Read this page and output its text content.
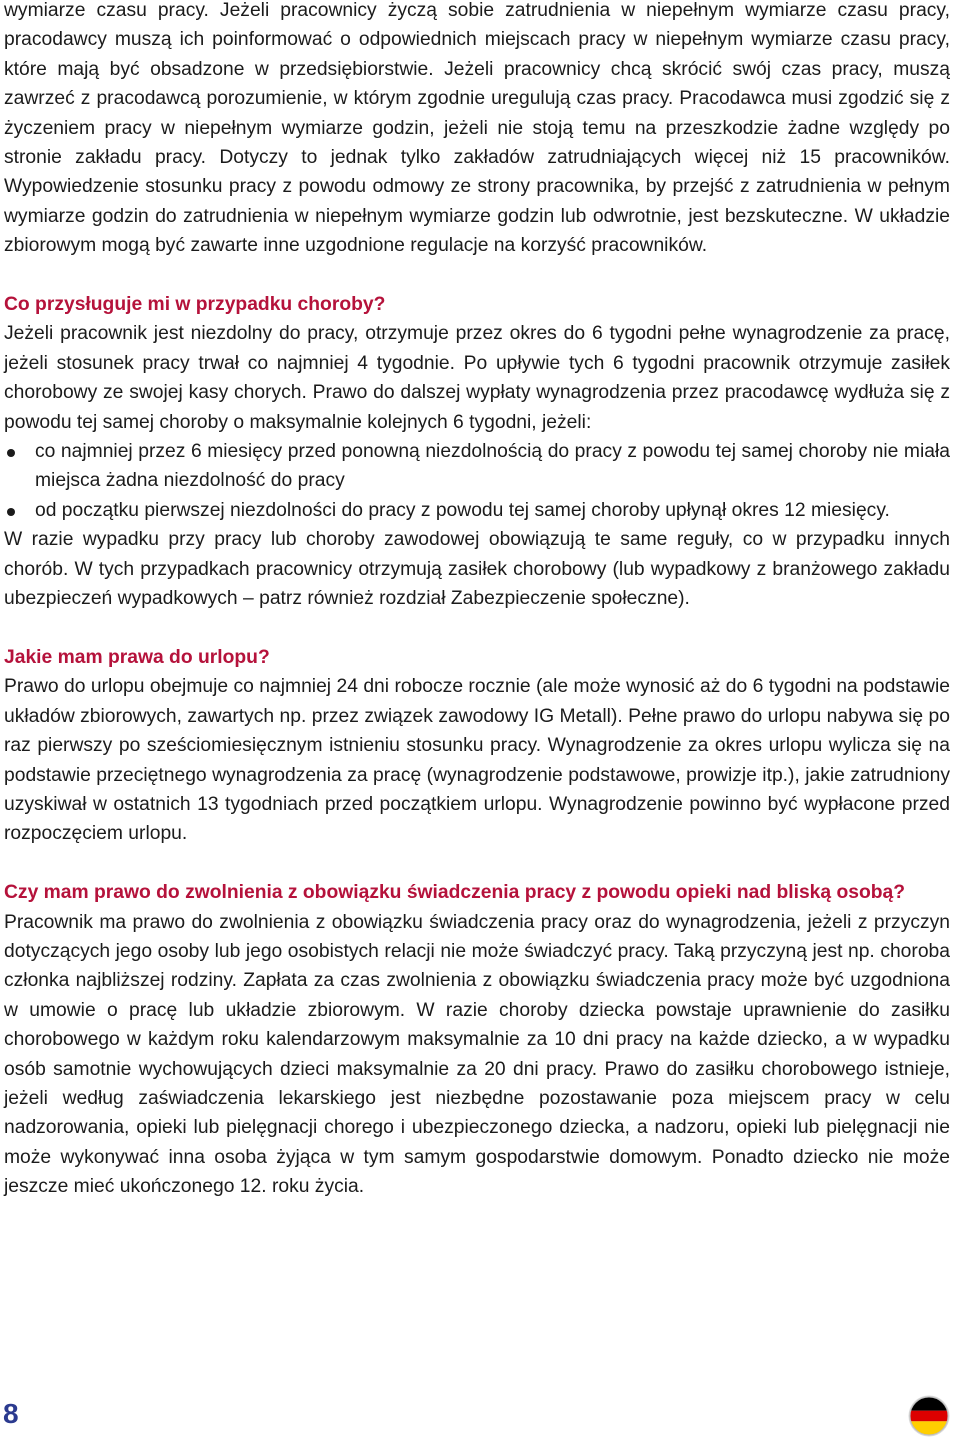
wymiarze czasu pracy. Jeżeli pracownicy życzą sobie zatrudnienia w niepełnym wymiarze czasu pracy, pracodawcy muszą ich poinformować o odpowiednich miejscach pracy w niepełnym wymiarze czasu pracy, które mają być obsadzone w przedsiębiorstwie. Jeżeli pracownicy chcą skrócić swój czas pracy, muszą zawrzeć z pracodawcą porozumienie, w którym zgodnie uregulują czas pracy. Pracodawca musi zgodzić się z życzeniem pracy w niepełnym wymiarze godzin, jeżeli nie stoją temu na przeszkodzie żadne względy po stronie zakładu pracy. Dotyczy to jednak tylko zakładów zatrudniających więcej niż 15 pracowników. Wypowiedzenie stosunku pracy z powodu odmowy ze strony pracownika, by przejść z zatrudnienia w pełnym wymiarze godzin do zatrudnienia w niepełnym wymiarze godzin lub odwrotnie, jest bezskuteczne. W układzie zbiorowym mogą być zawarte inne uzgodnione regulacje na korzyść pracowników.

Co przysługuje mi w przypadku choroby?

Jeżeli pracownik jest niezdolny do pracy, otrzymuje przez okres do 6 tygodni pełne wynagrodzenie za pracę, jeżeli stosunek pracy trwał co najmniej 4 tygodnie. Po upływie tych 6 tygodni pracownik otrzymuje zasiłek chorobowy ze swojej kasy chorych. Prawo do dalszej wypłaty wynagrodzenia przez pracodawcę wydłuża się z powodu tej samej choroby o maksymalnie kolejnych 6 tygodni, jeżeli:

co najmniej przez 6 miesięcy przed ponowną niezdolnością do pracy z powodu tej samej choroby nie miała miejsca żadna niezdolność do pracy
od początku pierwszej niezdolności do pracy z powodu tej samej choroby upłynął okres 12 miesięcy.

W razie wypadku przy pracy lub choroby zawodowej obowiązują te same reguły, co w przypadku innych chorób. W tych przypadkach pracownicy otrzymują zasiłek chorobowy (lub wypadkowy z branżowego zakładu ubezpieczeń wypadkowych – patrz również rozdział Zabezpieczenie społeczne).

Jakie mam prawa do urlopu?

Prawo do urlopu obejmuje co najmniej 24 dni robocze rocznie (ale może wynosić aż do 6 tygodni na podstawie układów zbiorowych, zawartych np. przez związek zawodowy IG Metall). Pełne prawo do urlopu nabywa się po raz pierwszy po sześciomiesięcznym istnieniu stosunku pracy. Wynagrodzenie za okres urlopu wylicza się na podstawie przeciętnego wynagrodzenia za pracę (wynagrodzenie podstawowe, prowizje itp.), jakie zatrudniony uzyskiwał w ostatnich 13 tygodniach przed początkiem urlopu. Wynagrodzenie powinno być wypłacone przed rozpoczęciem urlopu.

Czy mam prawo do zwolnienia z obowiązku świadczenia pracy z powodu opieki nad bliską osobą?

Pracownik ma prawo do zwolnienia z obowiązku świadczenia pracy oraz do wynagrodzenia, jeżeli z przyczyn dotyczących jego osoby lub jego osobistych relacji nie może świadczyć pracy. Taką przyczyną jest np. choroba członka najbliższej rodziny. Zapłata za czas zwolnienia z obowiązku świadczenia pracy może być uzgodniona w umowie o pracę lub układzie zbiorowym. W razie choroby dziecka powstaje uprawnienie do zasiłku chorobowego w każdym roku kalendarzowym maksymalnie za 10 dni pracy na każde dziecko, a w wypadku osób samotnie wychowujących dzieci maksymalnie za 20 dni pracy. Prawo do zasiłku chorobowego istnieje, jeżeli według zaświadczenia lekarskiego jest niezbędne pozostawanie poza miejscem pracy w celu nadzorowania, opieki lub pielęgnacji chorego i ubezpieczonego dziecka, a nadzoru, opieki lub pielęgnacji nie może wykonywać inna osoba żyjąca w tym samym gospodarstwie domowym. Ponadto dziecko nie może jeszcze mieć ukończonego 12. roku życia.

8
